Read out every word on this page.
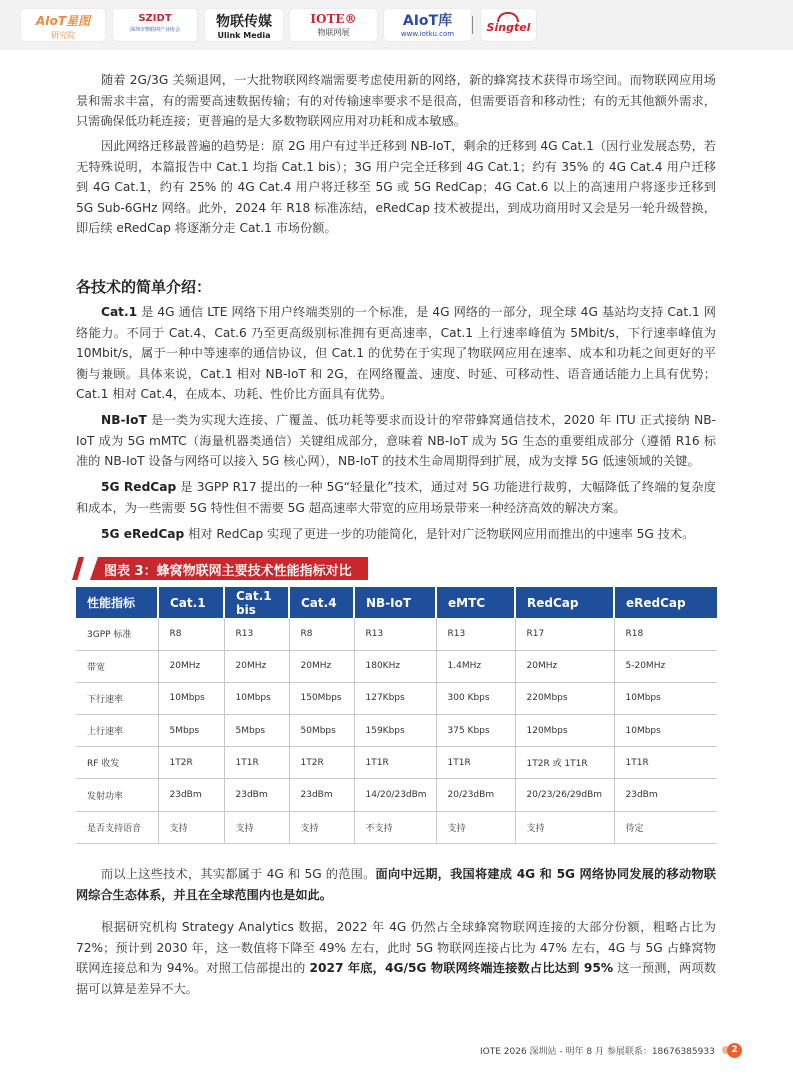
AIoT星图
研究院
SZIDT
深圳市物联网产业协会	物联传媒
Ulink Media
IOTE®
物联网展
AIoT库
www.iotku.com	Singtel

随着 2G/3G 关频退网，一大批物联网终端需要考虑使用新的网络，新的蜂窝技术获得市场空间。而物联网应用场景和需求丰富，有的需要高速数据传输；有的对传输速率要求不是很高，但需要语音和移动性；有的无其他额外需求，只需确保低功耗连接；更普遍的是大多数物联网应用对功耗和成本敏感。

因此网络迁移最普遍的趋势是：原 2G 用户有过半迁移到 NB-IoT，剩余的迁移到 4G Cat.1（因行业发展态势，若无特殊说明，本篇报告中 Cat.1 均指 Cat.1 bis）；3G 用户完全迁移到 4G Cat.1；约有 35% 的 4G Cat.4 用户迁移到 4G Cat.1，约有 25% 的 4G Cat.4 用户将迁移至 5G 或 5G RedCap；4G Cat.6 以上的高速用户将逐步迁移到 5G Sub-6GHz 网络。此外，2024 年 R18 标准冻结，eRedCap 技术被提出，到成功商用时又会是另一轮升级替换，即后续 eRedCap 将逐渐分走 Cat.1 市场份额。

各技术的简单介绍：

Cat.1 是 4G 通信 LTE 网络下用户终端类别的一个标准，是 4G 网络的一部分，现全球 4G 基站均支持 Cat.1 网络能力。不同于 Cat.4、Cat.6 乃至更高级别标准拥有更高速率，Cat.1 上行速率峰值为 5Mbit/s，下行速率峰值为 10Mbit/s，属于一种中等速率的通信协议，但 Cat.1 的优势在于实现了物联网应用在速率、成本和功耗之间更好的平衡与兼顾。具体来说，Cat.1 相对 NB-IoT 和 2G，在网络覆盖、速度、时延、可移动性、语音通话能力上具有优势；Cat.1 相对 Cat.4，在成本、功耗、性价比方面具有优势。

NB-IoT 是一类为实现大连接、广覆盖、低功耗等要求而设计的窄带蜂窝通信技术，2020 年 ITU 正式接纳 NB-IoT 成为 5G mMTC（海量机器类通信）关键组成部分，意味着 NB-IoT 成为 5G 生态的重要组成部分（遵循 R16 标准的 NB-IoT 设备与网络可以接入 5G 核心网），NB-IoT 的技术生命周期得到扩展，成为支撑 5G 低速领域的关键。

5G RedCap 是 3GPP R17 提出的一种 5G“轻量化”技术，通过对 5G 功能进行裁剪，大幅降低了终端的复杂度和成本，为一些需要 5G 特性但不需要 5G 超高速率大带宽的应用场景带来一种经济高效的解决方案。

5G eRedCap 相对 RedCap 实现了更进一步的功能简化，是针对广泛物联网应用而推出的中速率 5G 技术。

图表 3：蜂窝物联网主要技术性能指标对比
性能指标	Cat.1	Cat.1 bis	Cat.4	NB-IoT	eMTC	RedCap	eRedCap
3GPP 标准	R8	R13	R8	R13	R13	R17	R18
带宽	20MHz	20MHz	20MHz	180KHz	1.4MHz	20MHz	5-20MHz
下行速率	10Mbps	10Mbps	150Mbps	127Kbps	300 Kbps	220Mbps	10Mbps
上行速率	5Mbps	5Mbps	50Mbps	159Kbps	375 Kbps	120Mbps	10Mbps
RF 收发	1T2R	1T1R	1T2R	1T1R	1T1R	1T2R 或 1T1R	1T1R
发射功率	23dBm	23dBm	23dBm	14/20/23dBm	20/23dBm	20/23/26/29dBm	23dBm
是否支持语音	支持	支持	支持	不支持	支持	支持	待定

而以上这些技术，其实都属于 4G 和 5G 的范围。面向中远期，我国将建成 4G 和 5G 网络协同发展的移动物联网综合生态体系，并且在全球范围内也是如此。

根据研究机构 Strategy Analytics 数据，2022 年 4G 仍然占全球蜂窝物联网连接的大部分份额，粗略占比为 72%；预计到 2030 年，这一数值将下降至 49% 左右，此时 5G 物联网连接占比为 47% 左右，4G 与 5G 占蜂窝物联网连接总和为 94%。对照工信部提出的 2027 年底，4G/5G 物联网终端连接数占比达到 95% 这一预测，两项数据可以算是差异不大。

IOTE 2026 深圳站 - 明年 8 月 参展联系：18676385933	2
